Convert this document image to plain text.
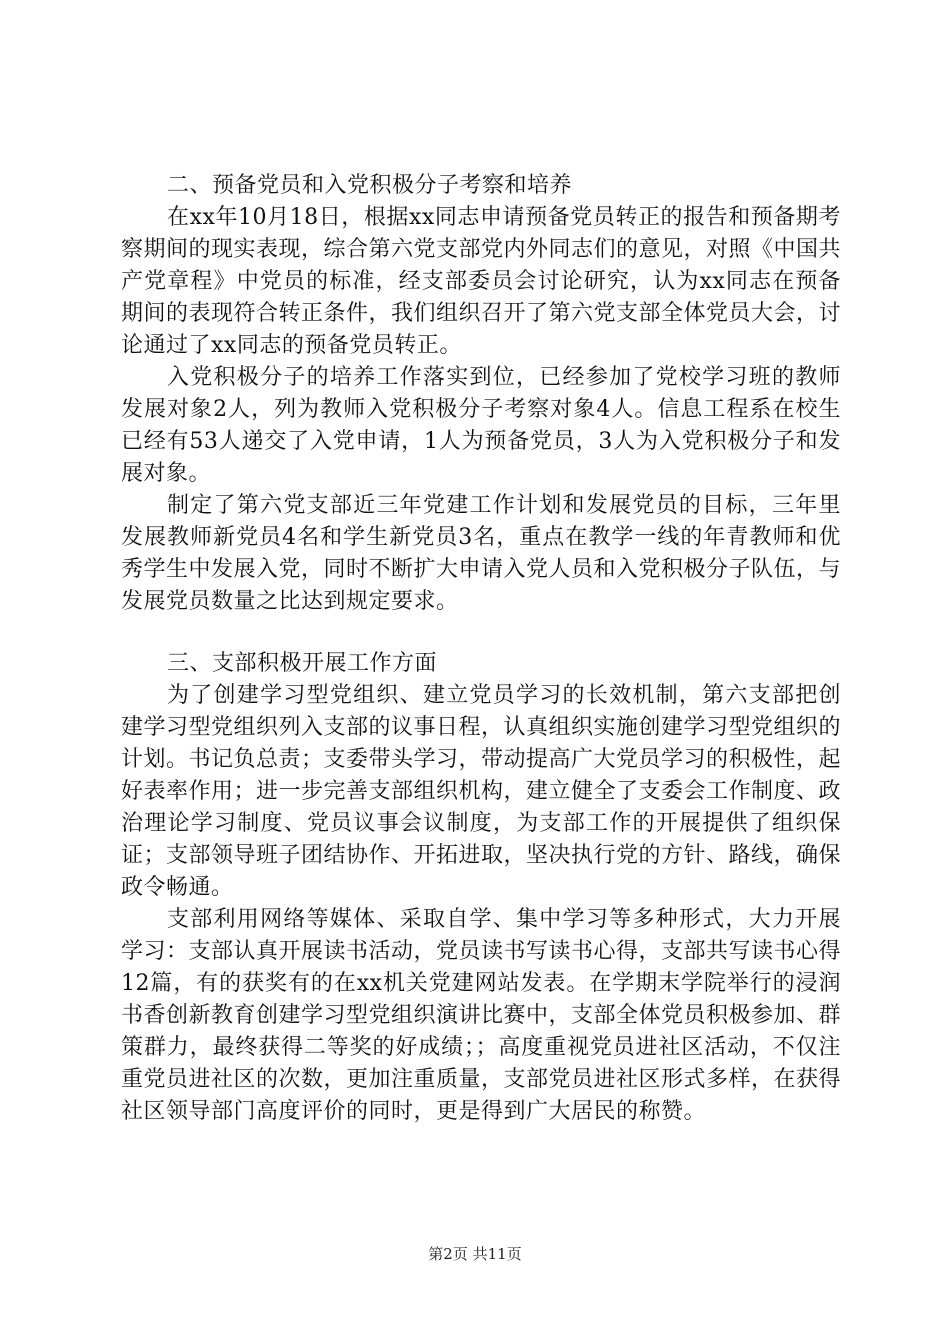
二、预备党员和入党积极分子考察和培养

在xx年10月18日，根据xx同志申请预备党员转正的报告和预备期考察期间的现实表现，综合第六党支部党内外同志们的意见，对照《中国共产党章程》中党员的标准，经支部委员会讨论研究，认为xx同志在预备期间的表现符合转正条件，我们组织召开了第六党支部全体党员大会，讨论通过了xx同志的预备党员转正。

入党积极分子的培养工作落实到位，已经参加了党校学习班的教师发展对象2人，列为教师入党积极分子考察对象4人。信息工程系在校生已经有53人递交了入党申请，1人为预备党员，3人为入党积极分子和发展对象。

制定了第六党支部近三年党建工作计划和发展党员的目标，三年里发展教师新党员4名和学生新党员3名，重点在教学一线的年青教师和优秀学生中发展入党，同时不断扩大申请入党人员和入党积极分子队伍，与发展党员数量之比达到规定要求。

三、支部积极开展工作方面

为了创建学习型党组织、建立党员学习的长效机制，第六支部把创建学习型党组织列入支部的议事日程，认真组织实施创建学习型党组织的计划。书记负总责；支委带头学习，带动提高广大党员学习的积极性，起好表率作用；进一步完善支部组织机构，建立健全了支委会工作制度、政治理论学习制度、党员议事会议制度，为支部工作的开展提供了组织保证；支部领导班子团结协作、开拓进取，坚决执行党的方针、路线，确保政令畅通。

支部利用网络等媒体、采取自学、集中学习等多种形式，大力开展学习：支部认真开展读书活动，党员读书写读书心得，支部共写读书心得12篇，有的获奖有的在xx机关党建网站发表。在学期末学院举行的浸润书香创新教育创建学习型党组织演讲比赛中，支部全体党员积极参加、群策群力，最终获得二等奖的好成绩；；高度重视党员进社区活动，不仅注重党员进社区的次数，更加注重质量，支部党员进社区形式多样，在获得社区领导部门高度评价的同时，更是得到广大居民的称赞。

第2页 共11页
